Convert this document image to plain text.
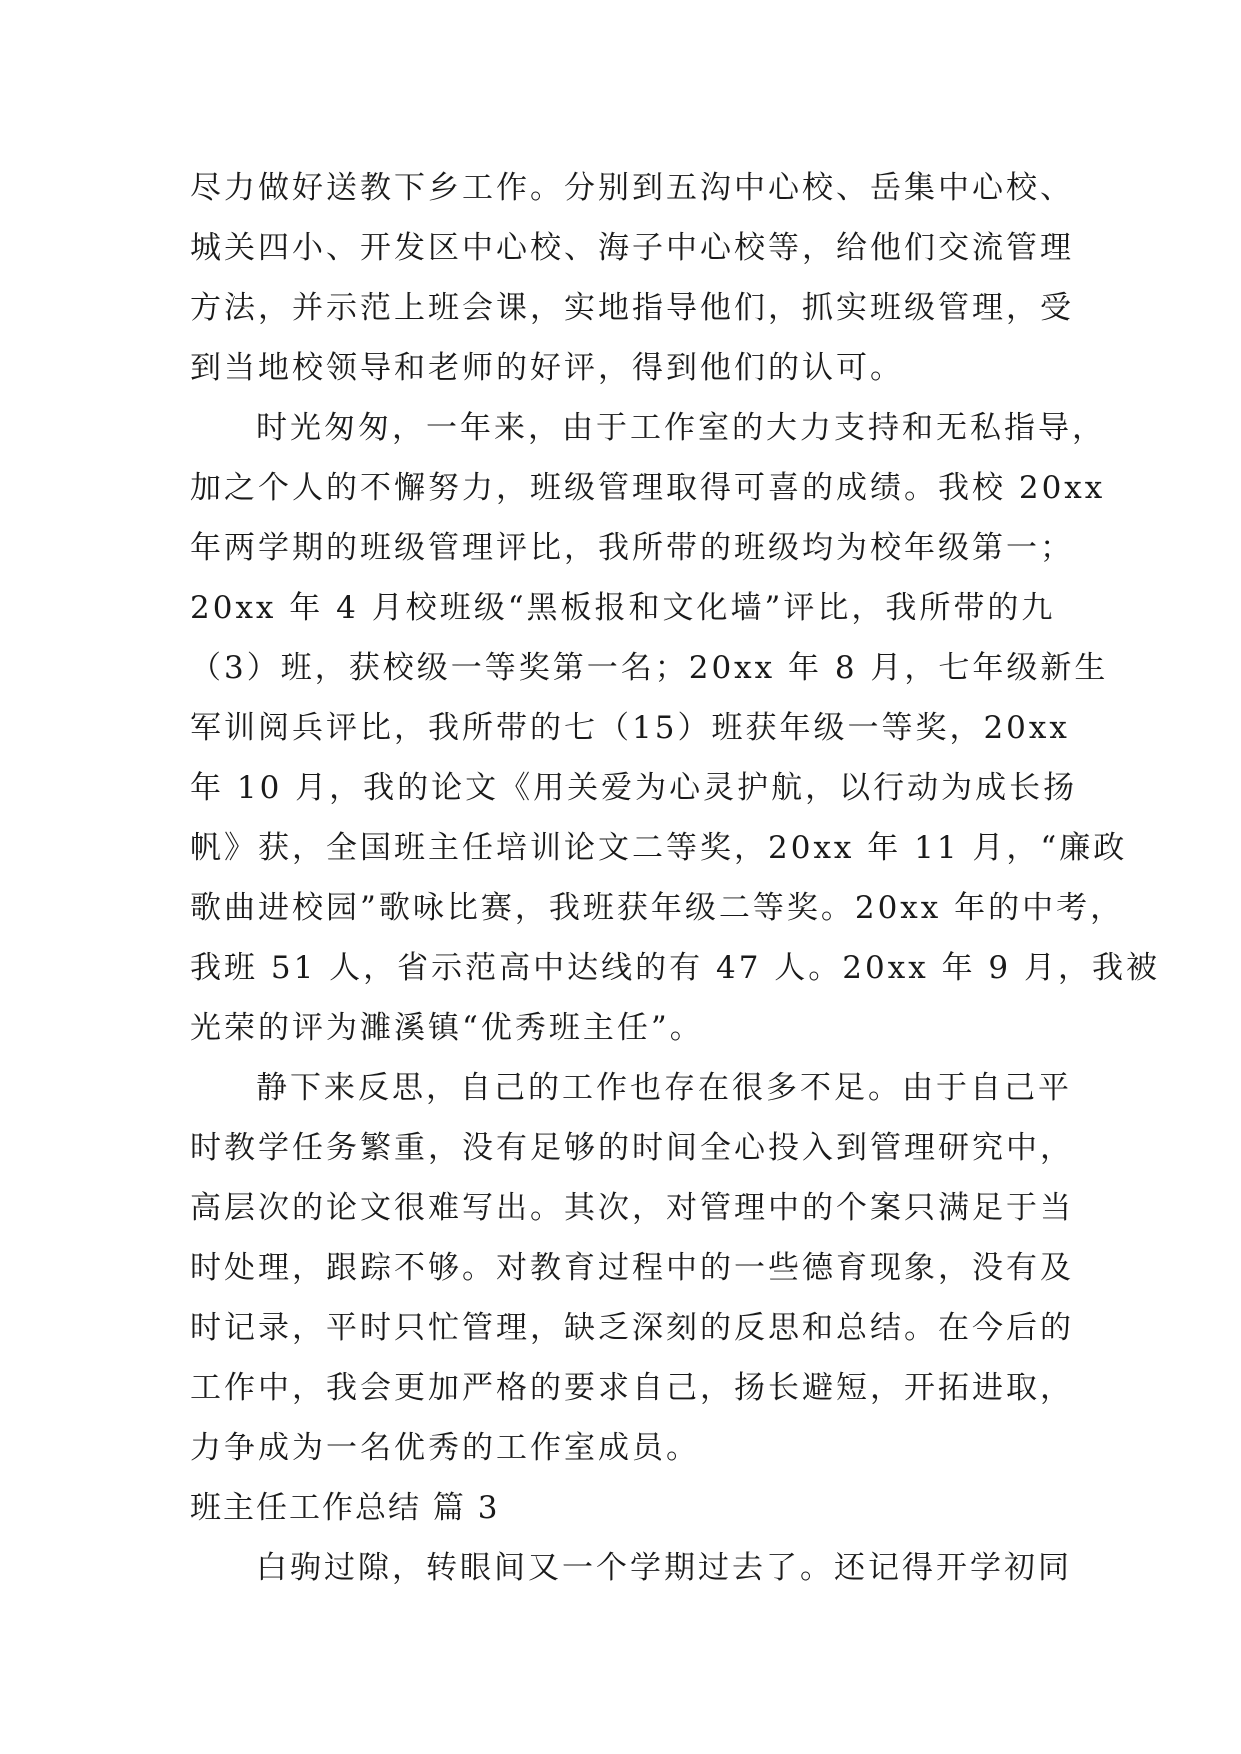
尽力做好送教下乡工作。分别到五沟中心校、岳集中心校、
城关四小、开发区中心校、海子中心校等，给他们交流管理
方法，并示范上班会课，实地指导他们，抓实班级管理，受
到当地校领导和老师的好评，得到他们的认可。
时光匆匆，一年来，由于工作室的大力支持和无私指导，
加之个人的不懈努力，班级管理取得可喜的成绩。我校 20xx
年两学期的班级管理评比，我所带的班级均为校年级第一；
20xx 年 4 月校班级“黑板报和文化墙”评比，我所带的九
（3）班，获校级一等奖第一名；20xx 年 8 月，七年级新生
军训阅兵评比，我所带的七（15）班获年级一等奖，20xx
年 10 月，我的论文《用关爱为心灵护航，以行动为成长扬
帆》获，全国班主任培训论文二等奖，20xx 年 11 月，“廉政
歌曲进校园”歌咏比赛，我班获年级二等奖。20xx 年的中考，
我班 51 人，省示范高中达线的有 47 人。20xx 年 9 月，我被
光荣的评为濉溪镇“优秀班主任”。
静下来反思，自己的工作也存在很多不足。由于自己平
时教学任务繁重，没有足够的时间全心投入到管理研究中，
高层次的论文很难写出。其次，对管理中的个案只满足于当
时处理，跟踪不够。对教育过程中的一些德育现象，没有及
时记录，平时只忙管理，缺乏深刻的反思和总结。在今后的
工作中，我会更加严格的要求自己，扬长避短，开拓进取，
力争成为一名优秀的工作室成员。
班主任工作总结 篇 3
白驹过隙，转眼间又一个学期过去了。还记得开学初同
